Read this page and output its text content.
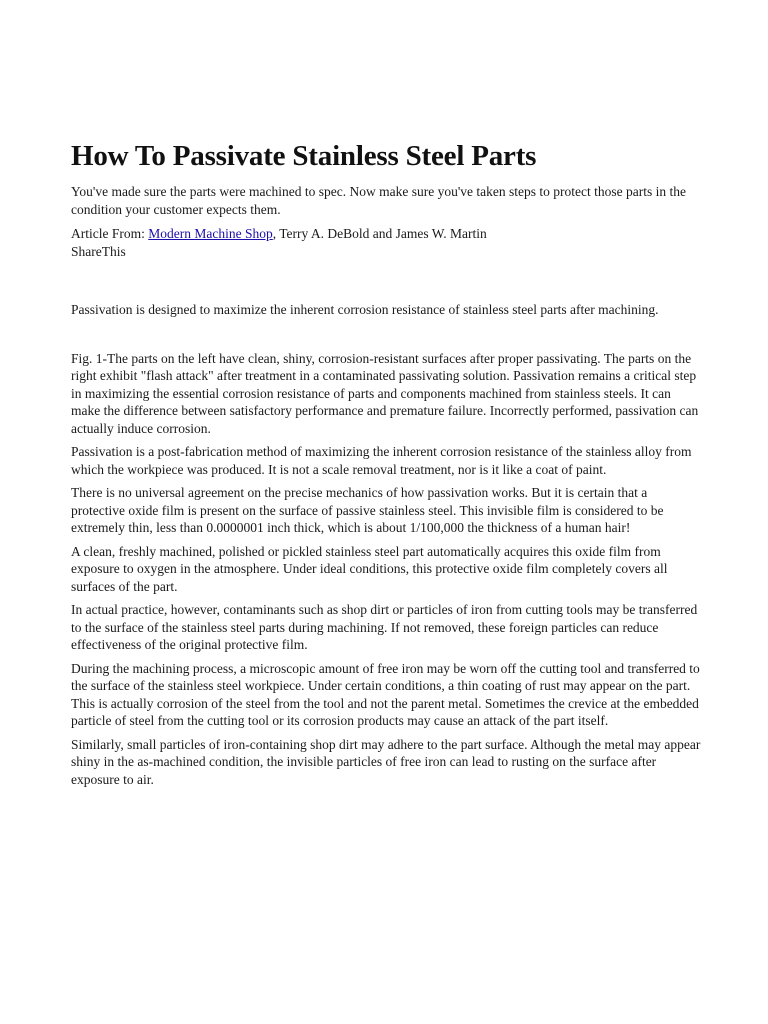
How To Passivate Stainless Steel Parts

You've made sure the parts were machined to spec. Now make sure you've taken steps to protect those parts in the condition your customer expects them.

Article From: Modern Machine Shop, Terry A. DeBold and James W. Martin

ShareThis

Passivation is designed to maximize the inherent corrosion resistance of stainless steel parts after machining.

Fig. 1-The parts on the left have clean, shiny, corrosion-resistant surfaces after proper passivating. The parts on the right exhibit "flash attack" after treatment in a contaminated passivating solution. Passivation remains a critical step in maximizing the essential corrosion resistance of parts and components machined from stainless steels. It can make the difference between satisfactory performance and premature failure. Incorrectly performed, passivation can actually induce corrosion.

Passivation is a post-fabrication method of maximizing the inherent corrosion resistance of the stainless alloy from which the workpiece was produced. It is not a scale removal treatment, nor is it like a coat of paint.

There is no universal agreement on the precise mechanics of how passivation works. But it is certain that a protective oxide film is present on the surface of passive stainless steel. This invisible film is considered to be extremely thin, less than 0.0000001 inch thick, which is about 1/100,000 the thickness of a human hair!

A clean, freshly machined, polished or pickled stainless steel part automatically acquires this oxide film from exposure to oxygen in the atmosphere. Under ideal conditions, this protective oxide film completely covers all surfaces of the part.

In actual practice, however, contaminants such as shop dirt or particles of iron from cutting tools may be transferred to the surface of the stainless steel parts during machining. If not removed, these foreign particles can reduce effectiveness of the original protective film.

During the machining process, a microscopic amount of free iron may be worn off the cutting tool and transferred to the surface of the stainless steel workpiece. Under certain conditions, a thin coating of rust may appear on the part. This is actually corrosion of the steel from the tool and not the parent metal. Sometimes the crevice at the embedded particle of steel from the cutting tool or its corrosion products may cause an attack of the part itself.

Similarly, small particles of iron-containing shop dirt may adhere to the part surface. Although the metal may appear shiny in the as-machined condition, the invisible particles of free iron can lead to rusting on the surface after exposure to air.
